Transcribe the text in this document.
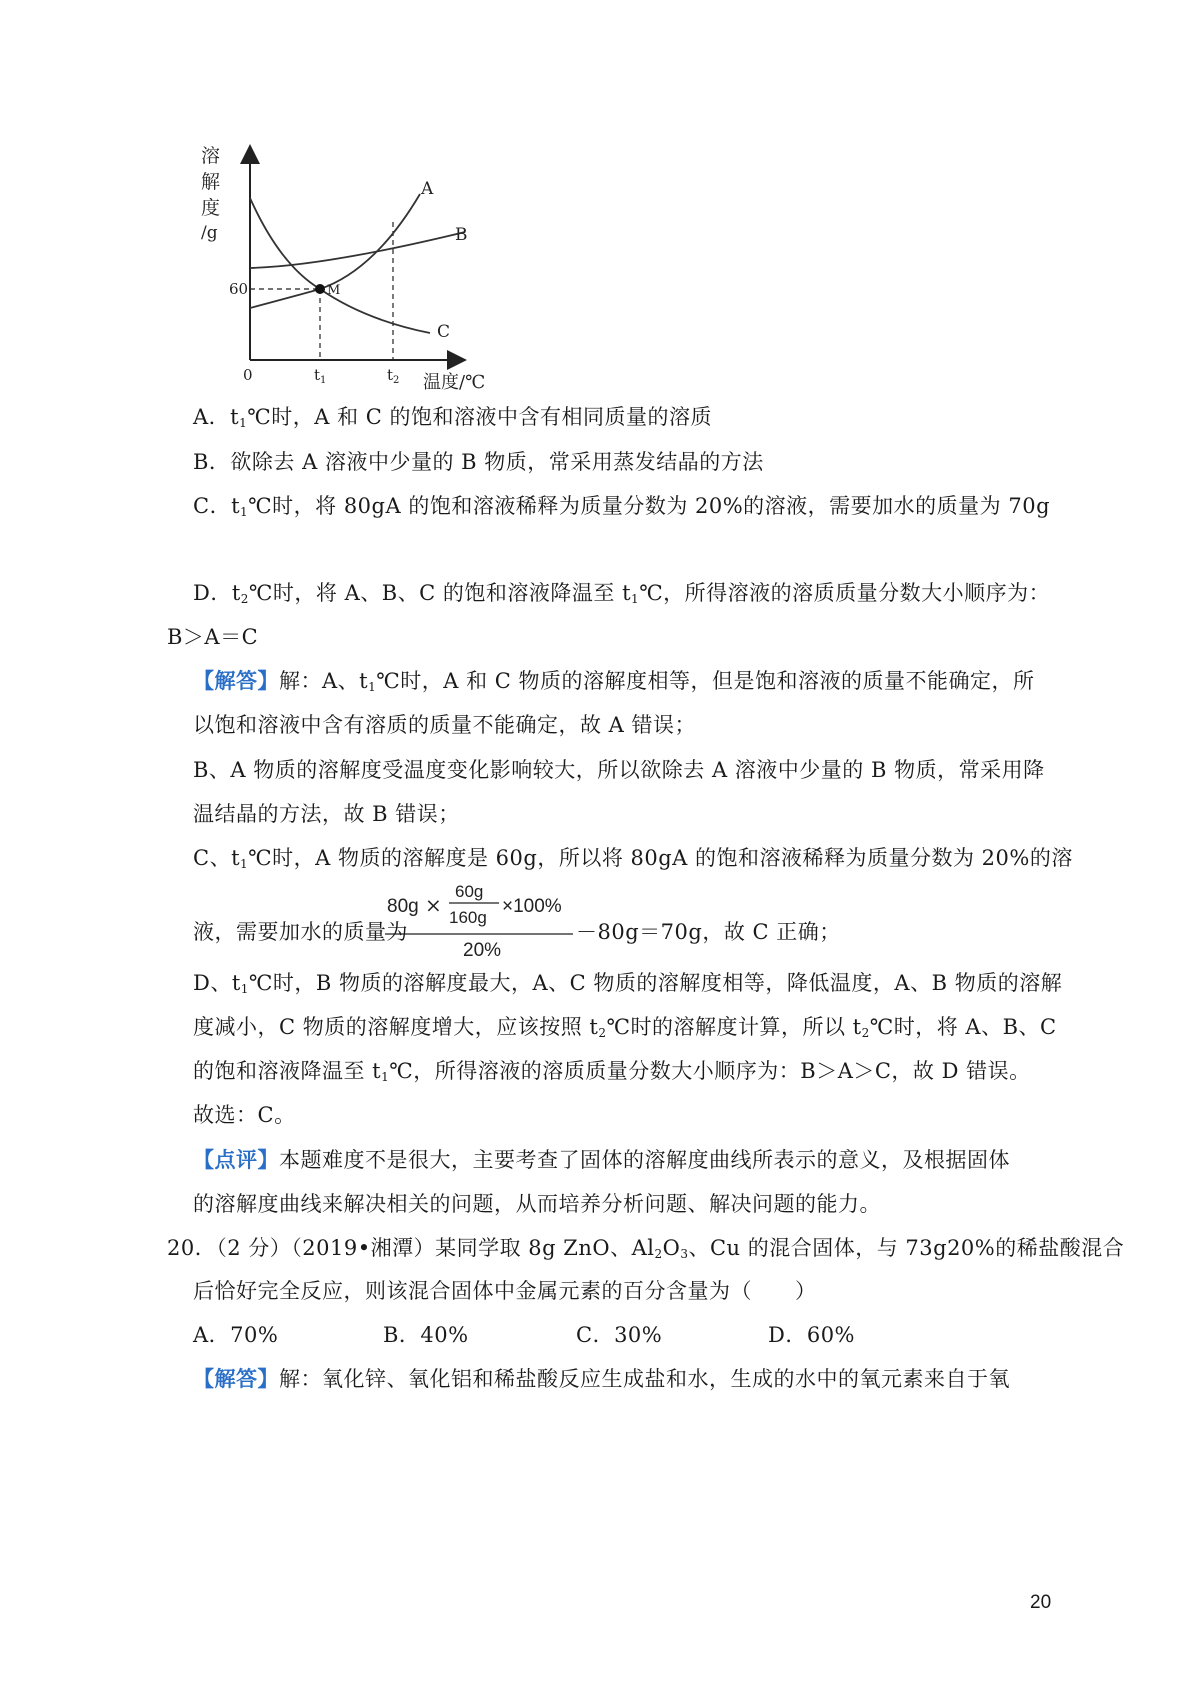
溶
解
度
/g
M
A
B
C
60
0	$t_1$	$t_2$ 温度/℃
A．$t_1℃$时，A 和 C 的饱和溶液中含有相同质量的溶质
B．欲除去 A 溶液中少量的 B 物质，常采用蒸发结晶的方法
C．$t_1℃$时，将 80gA 的饱和溶液稀释为质量分数为 20%的溶液，需要加水的质量为 70g
D．$t_2℃$时，将 A、B、C 的饱和溶液降温至 $t_1℃$，所得溶液的溶质质量分数大小顺序为：
B＞A＝C
【解答】解：A、$t_1℃$时，A 和 C 物质的溶解度相等，但是饱和溶液的质量不能确定，所
以饱和溶液中含有溶质的质量不能确定，故 A 错误；
B、A 物质的溶解度受温度变化影响较大，所以欲除去 A 溶液中少量的 B 物质，常采用降
温结晶的方法，故 B 错误；
C、$t_1℃$时，A 物质的溶解度是 60g，所以将 80gA 的饱和溶液稀释为质量分数为 20%的溶
80g ×
60g
160g
×100%
20%
液，需要加水的质量为	－80g＝70g，故 C 正确；
D、$t_1℃$时，B 物质的溶解度最大，A、C 物质的溶解度相等，降低温度，A、B 物质的溶解
度减小，C 物质的溶解度增大，应该按照 $t_2℃$时的溶解度计算，所以 $t_2℃$时，将 A、B、C
的饱和溶液降温至 $t_1℃$，所得溶液的溶质质量分数大小顺序为：B＞A＞C，故 D 错误。
故选：C。
【点评】本题难度不是很大，主要考查了固体的溶解度曲线所表示的意义，及根据固体
的溶解度曲线来解决相关的问题，从而培养分析问题、解决问题的能力。
20．（2 分）（2019•湘潭）某同学取 8g ZnO、$Al_2O_3$、Cu 的混合固体，与 73g20%的稀盐酸混合
后恰好完全反应，则该混合固体中金属元素的百分含量为（　　）
A．70%	B．40%	C．30%	D．60%
【解答】解：氧化锌、氧化铝和稀盐酸反应生成盐和水，生成的水中的氧元素来自于氧
20
